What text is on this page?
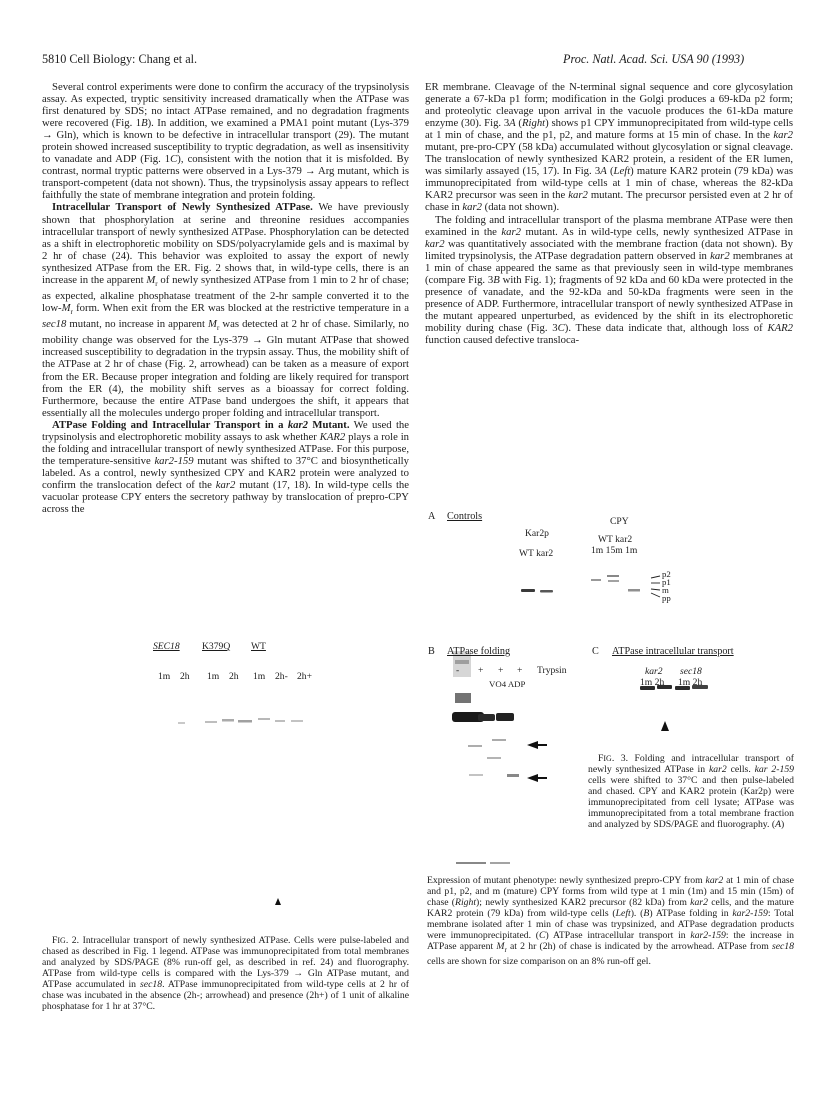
5810 Cell Biology: Chang et al.	Proc. Natl. Acad. Sci. USA 90 (1993)

Several control experiments were done to confirm the accuracy of the trypsinolysis assay. As expected, tryptic sensitivity increased dramatically when the ATPase was first denatured by SDS; no intact ATPase remained, and no degradation fragments were recovered (Fig. 1B). In addition, we examined a PMA1 point mutant (Lys-379 → Gln), which is known to be defective in intracellular transport (29). The mutant protein showed increased susceptibility to tryptic degradation, as well as insensitivity to vanadate and ADP (Fig. 1C), consistent with the notion that it is misfolded. By contrast, normal tryptic patterns were observed in a Lys-379 → Arg mutant, which is transport-competent (data not shown). Thus, the trypsinolysis assay appears to reflect faithfully the state of membrane integration and protein folding.

Intracellular Transport of Newly Synthesized ATPase. We have previously shown that phosphorylation at serine and threonine residues accompanies intracellular transport of newly synthesized ATPase. Phosphorylation can be detected as a shift in electrophoretic mobility on SDS/polyacrylamide gels and is maximal by 2 hr of chase (24). This behavior was exploited to assay the export of newly synthesized ATPase from the ER. Fig. 2 shows that, in wild-type cells, there is an increase in the apparent $M_r$ of newly synthesized ATPase from 1 min to 2 hr of chase; as expected, alkaline phosphatase treatment of the 2-hr sample converted it to the low-$M_r$ form. When exit from the ER was blocked at the restrictive temperature in a sec18 mutant, no increase in apparent $M_r$ was detected at 2 hr of chase. Similarly, no mobility change was observed for the Lys-379 → Gln mutant ATPase that showed increased susceptibility to degradation in the trypsin assay. Thus, the mobility shift of the ATPase at 2 hr of chase (Fig. 2, arrowhead) can be taken as a measure of export from the ER. Because proper integration and folding are likely required for transport from the ER (4), the mobility shift serves as a bioassay for correct folding. Furthermore, because the entire ATPase band undergoes the shift, it appears that essentially all the molecules undergo proper folding and intracellular transport.

ATPase Folding and Intracellular Transport in a kar2 Mutant. We used the trypsinolysis and electrophoretic mobility assays to ask whether KAR2 plays a role in the folding and intracellular transport of newly synthesized ATPase. For this purpose, the temperature-sensitive kar2-159 mutant was shifted to 37°C and biosynthetically labeled. As a control, newly synthesized CPY and KAR2 protein were analyzed to confirm the translocation defect of the kar2 mutant (17, 18). In wild-type cells the vacuolar protease CPY enters the secretory pathway by translocation of prepro-CPY across the

ER membrane. Cleavage of the N-terminal signal sequence and core glycosylation generate a 67-kDa p1 form; modification in the Golgi produces a 69-kDa p2 form; and proteolytic cleavage upon arrival in the vacuole produces the 61-kDa mature enzyme (30). Fig. 3A (Right) shows p1 CPY immunoprecipitated from wild-type cells at 1 min of chase, and the p1, p2, and mature forms at 15 min of chase. In the kar2 mutant, pre-pro-CPY (58 kDa) accumulated without glycosylation or signal cleavage. The translocation of newly synthesized KAR2 protein, a resident of the ER lumen, was similarly assayed (15, 17). In Fig. 3A (Left) mature KAR2 protein (79 kDa) was immunoprecipitated from wild-type cells at 1 min of chase, whereas the 82-kDa KAR2 precursor was seen in the kar2 mutant. The precursor persisted even at 2 hr of chase in kar2 (data not shown).

The folding and intracellular transport of the plasma membrane ATPase were then examined in the kar2 mutant. As in wild-type cells, newly synthesized ATPase in kar2 was quantitatively associated with the membrane fraction (data not shown). By limited trypsinolysis, the ATPase degradation pattern observed in kar2 membranes at 1 min of chase appeared the same as that previously seen in wild-type membranes (compare Fig. 3B with Fig. 1); fragments of 92 kDa and 60 kDa were protected in the presence of vanadate, and the 92-kDa and 50-kDa fragments were seen in the presence of ADP. Furthermore, intracellular transport of newly synthesized ATPase in the mutant appeared unperturbed, as evidenced by the shift in its electrophoretic mobility during chase (Fig. 3C). These data indicate that, although loss of KAR2 function caused defective transloca-

SEC18 K379Q WT
1m 2h 1m 2h 1m 2h- 2h+

FIG. 2. Intracellular transport of newly synthesized ATPase. Cells were pulse-labeled and chased as described in Fig. 1 legend. ATPase was immunoprecipitated from total membranes and analyzed by SDS/PAGE (8% run-off gel, as described in ref. 24) and fluorography. ATPase from wild-type cells is compared with the Lys-379 → Gln ATPase mutant, and ATPase accumulated in sec18. ATPase immunoprecipitated from wild-type cells at 2 hr of chase was incubated in the absence (2h-; arrowhead) and presence (2h+) of 1 unit of alkaline phosphatase for 1 hr at 37°C.

A Controls
Kar2p
WT kar2
CPY
WT kar2
1m 15m 1m
p2
p1
m
pp
B ATPase folding
- + + + Trypsin
VO4 ADP
C ATPase intracellular transport
kar2 sec18
1m 2h 1m 2h

FIG. 3. Folding and intracellular transport of newly synthesized ATPase in kar2 cells. kar 2-159 cells were shifted to 37°C and then pulse-labeled and chased. CPY and KAR2 protein (Kar2p) were immunoprecipitated from cell lysate; ATPase was immunoprecipitated from a total membrane fraction and analyzed by SDS/PAGE and fluorography. (A)

Expression of mutant phenotype: newly synthesized prepro-CPY from kar2 at 1 min of chase and p1, p2, and m (mature) CPY forms from wild type at 1 min (1m) and 15 min (15m) of chase (Right); newly synthesized KAR2 precursor (82 kDa) from kar2 cells, and the mature KAR2 protein (79 kDa) from wild-type cells (Left). (B) ATPase folding in kar2-159: Total membrane isolated after 1 min of chase was trypsinized, and ATPase degradation products were immunoprecipitated. (C) ATPase intracellular transport in kar2-159: the increase in ATPase apparent $M_r$ at 2 hr (2h) of chase is indicated by the arrowhead. ATPase from sec18 cells are shown for size comparison on an 8% run-off gel.
